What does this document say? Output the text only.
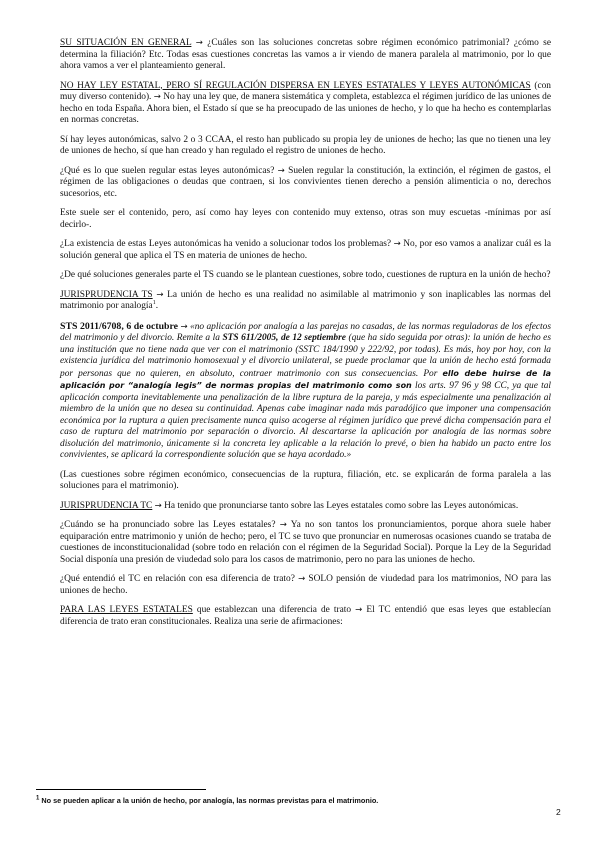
SU SITUACIÓN EN GENERAL → ¿Cuáles son las soluciones concretas sobre régimen económico patrimonial? ¿cómo se determina la filiación? Etc. Todas esas cuestiones concretas las vamos a ir viendo de manera paralela al matrimonio, por lo que ahora vamos a ver el planteamiento general.

NO HAY LEY ESTATAL, PERO SÍ REGULACIÓN DISPERSA EN LEYES ESTATALES Y LEYES AUTONÓMICAS (con muy diverso contenido). → No hay una ley que, de manera sistemática y completa, establezca el régimen jurídico de las uniones de hecho en toda España. Ahora bien, el Estado sí que se ha preocupado de las uniones de hecho, y lo que ha hecho es contemplarlas en normas concretas.

Sí hay leyes autonómicas, salvo 2 o 3 CCAA, el resto han publicado su propia ley de uniones de hecho; las que no tienen una ley de uniones de hecho, sí que han creado y han regulado el registro de uniones de hecho.

¿Qué es lo que suelen regular estas leyes autonómicas? → Suelen regular la constitución, la extinción, el régimen de gastos, el régimen de las obligaciones o deudas que contraen, si los convivientes tienen derecho a pensión alimenticia o no, derechos sucesorios, etc.

Este suele ser el contenido, pero, así como hay leyes con contenido muy extenso, otras son muy escuetas -mínimas por así decirlo-.

¿La existencia de estas Leyes autonómicas ha venido a solucionar todos los problemas? → No, por eso vamos a analizar cuál es la solución general que aplica el TS en materia de uniones de hecho.

¿De qué soluciones generales parte el TS cuando se le plantean cuestiones, sobre todo, cuestiones de ruptura en la unión de hecho?

JURISPRUDENCIA TS → La unión de hecho es una realidad no asimilable al matrimonio y son inaplicables las normas del matrimonio por analogía$^1$.

STS 2011/6708, 6 de octubre → «no aplicación por analogía a las parejas no casadas, de las normas reguladoras de los efectos del matrimonio y del divorcio. Remite a la STS 611/2005, de 12 septiembre (que ha sido seguida por otras): la unión de hecho es una institución que no tiene nada que ver con el matrimonio (SSTC 184/1990 y 222/92, por todas). Es más, hoy por hoy, con la existencia jurídica del matrimonio homosexual y el divorcio unilateral, se puede proclamar que la unión de hecho está formada por personas que no quieren, en absoluto, contraer matrimonio con sus consecuencias. Por ello debe huirse de la aplicación por “analogía legis” de normas propias del matrimonio como son los arts. 97 96 y 98 CC, ya que tal aplicación comporta inevitablemente una penalización de la libre ruptura de la pareja, y más especialmente una penalización al miembro de la unión que no desea su continuidad. Apenas cabe imaginar nada más paradójico que imponer una compensación económica por la ruptura a quien precisamente nunca quiso acogerse al régimen jurídico que prevé dicha compensación para el caso de ruptura del matrimonio por separación o divorcio. Al descartarse la aplicación por analogía de las normas sobre disolución del matrimonio, únicamente si la concreta ley aplicable a la relación lo prevé, o bien ha habido un pacto entre los convivientes, se aplicará la correspondiente solución que se haya acordado.»

(Las cuestiones sobre régimen económico, consecuencias de la ruptura, filiación, etc. se explicarán de forma paralela a las soluciones para el matrimonio).

JURISPRUDENCIA TC → Ha tenido que pronunciarse tanto sobre las Leyes estatales como sobre las Leyes autonómicas.

¿Cuándo se ha pronunciado sobre las Leyes estatales? → Ya no son tantos los pronunciamientos, porque ahora suele haber equiparación entre matrimonio y unión de hecho; pero, el TC se tuvo que pronunciar en numerosas ocasiones cuando se trataba de cuestiones de inconstitucionalidad (sobre todo en relación con el régimen de la Seguridad Social). Porque la Ley de la Seguridad Social disponía una presión de viudedad solo para los casos de matrimonio, pero no para las uniones de hecho.

¿Qué entendió el TC en relación con esa diferencia de trato? → SOLO pensión de viudedad para los matrimonios, NO para las uniones de hecho.

PARA LAS LEYES ESTATALES que establezcan una diferencia de trato → El TC entendió que esas leyes que establecían diferencia de trato eran constitucionales. Realiza una serie de afirmaciones:

$^1$ No se pueden aplicar a la unión de hecho, por analogía, las normas previstas para el matrimonio.
2
